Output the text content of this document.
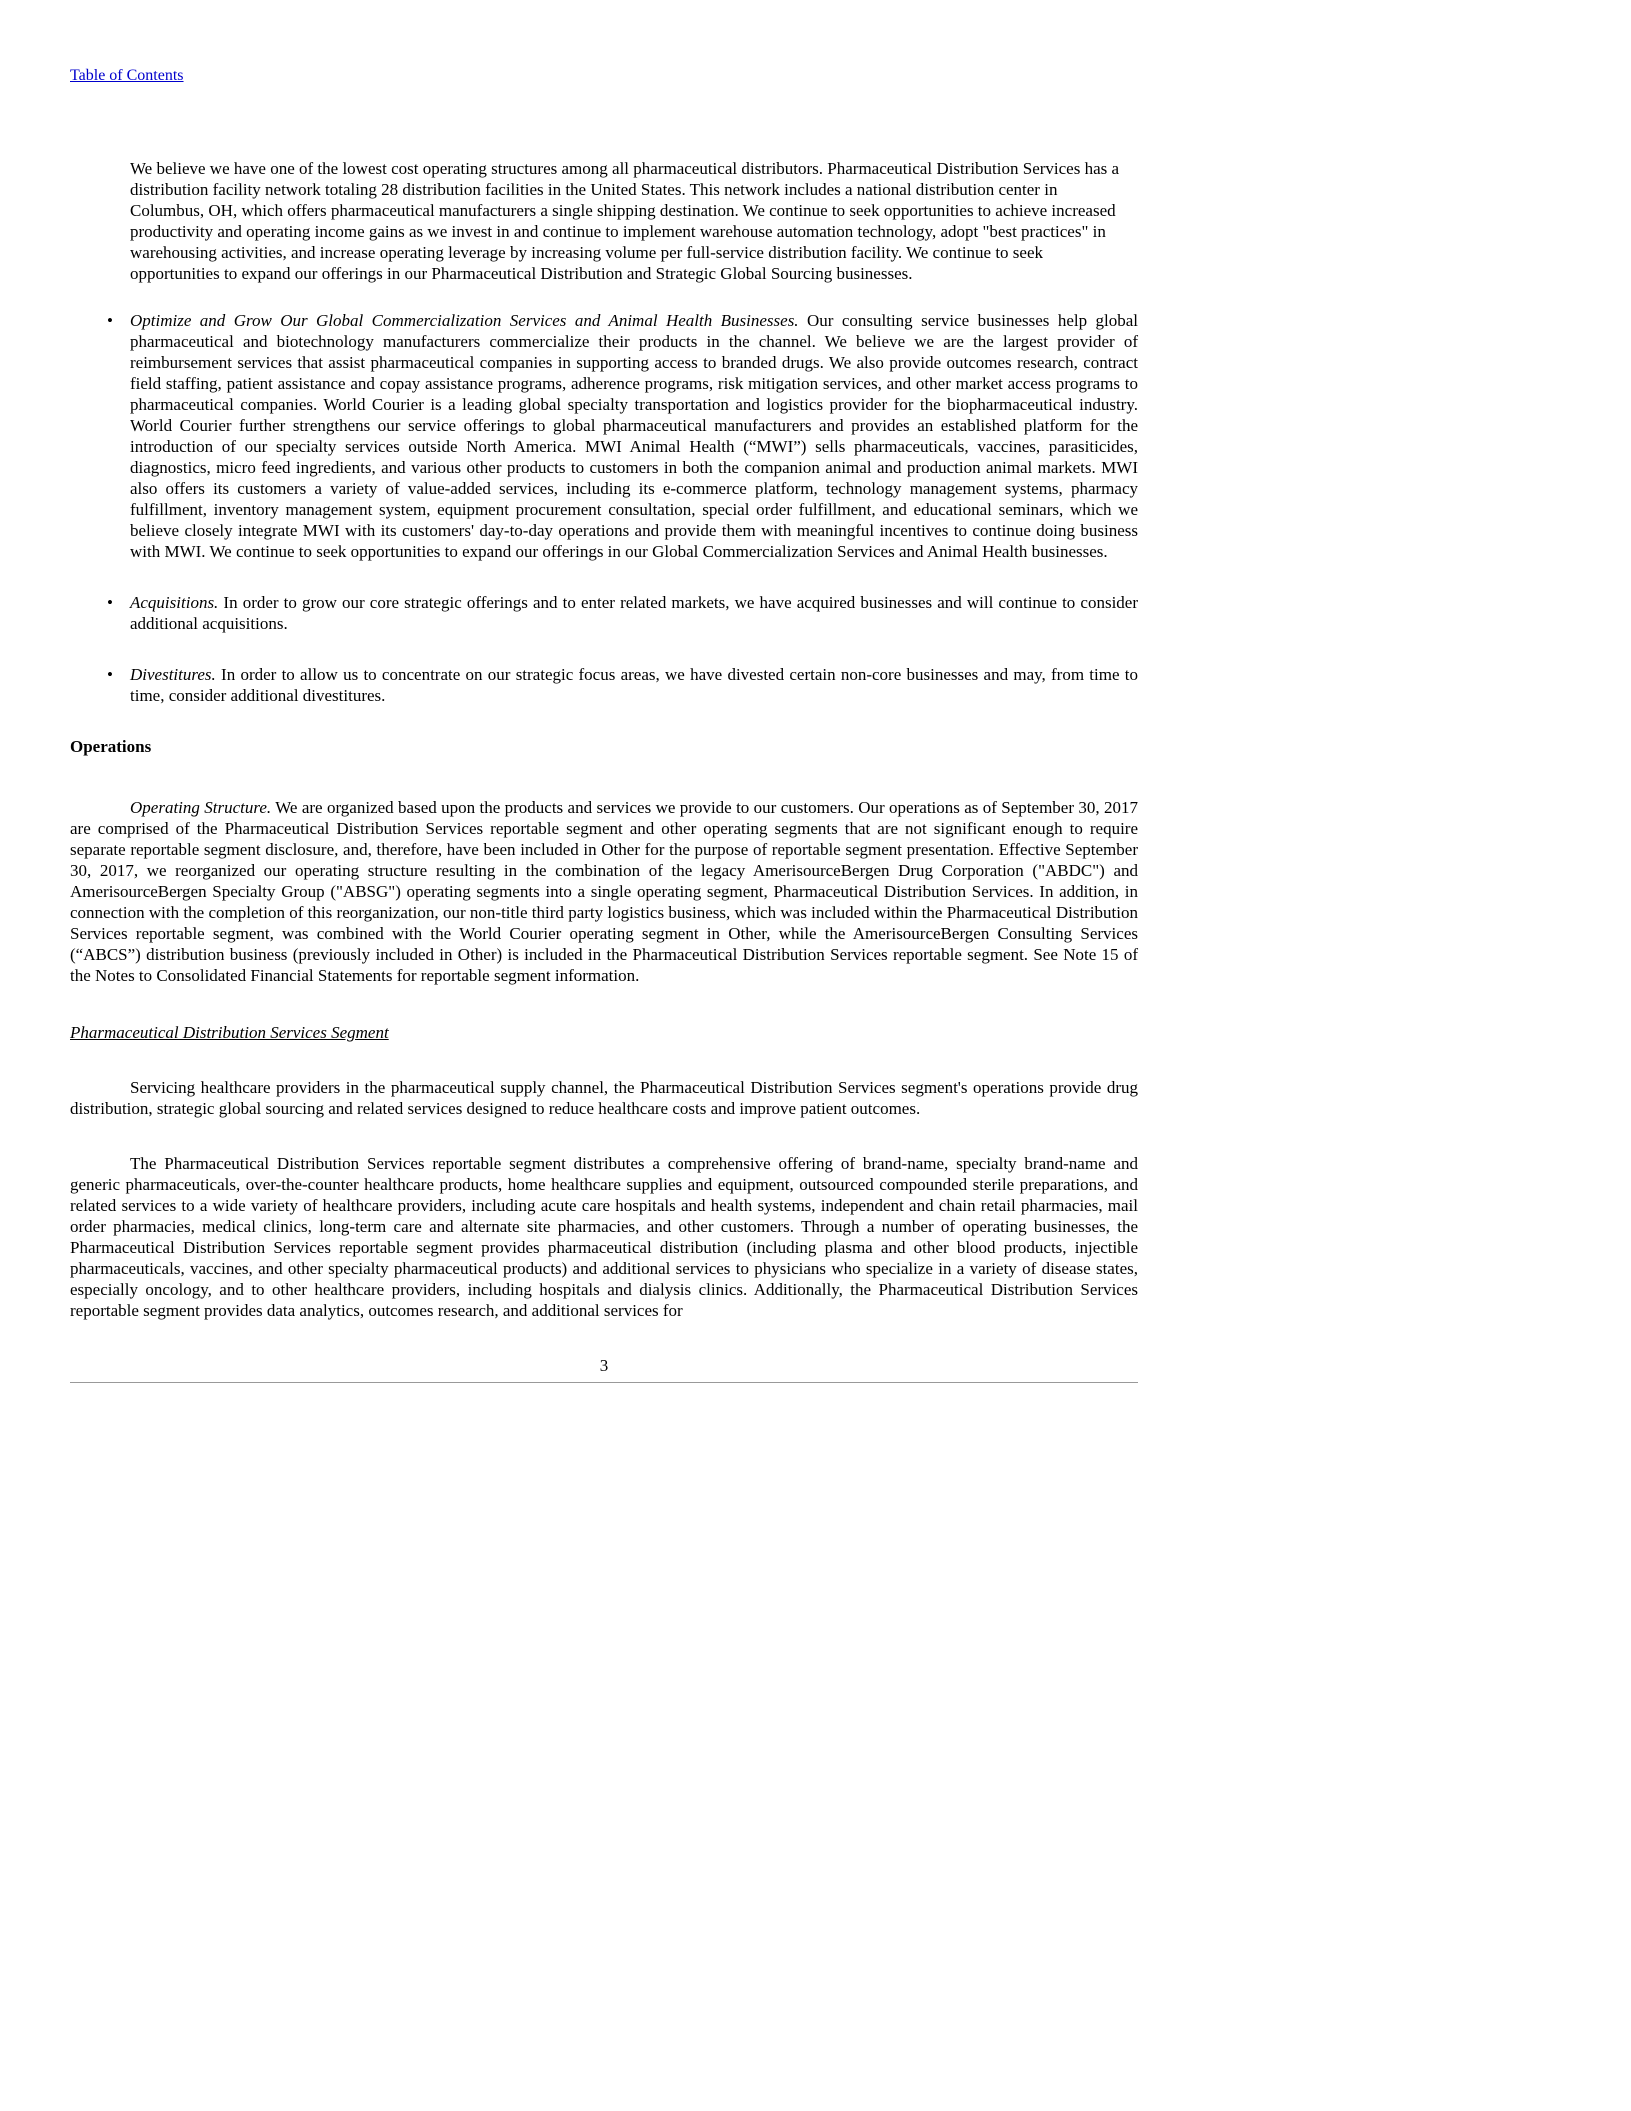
Table of Contents

We believe we have one of the lowest cost operating structures among all pharmaceutical distributors. Pharmaceutical Distribution Services has a distribution facility network totaling 28 distribution facilities in the United States. This network includes a national distribution center in Columbus, OH, which offers pharmaceutical manufacturers a single shipping destination. We continue to seek opportunities to achieve increased productivity and operating income gains as we invest in and continue to implement warehouse automation technology, adopt "best practices" in warehousing activities, and increase operating leverage by increasing volume per full-service distribution facility. We continue to seek opportunities to expand our offerings in our Pharmaceutical Distribution and Strategic Global Sourcing businesses.

• Optimize and Grow Our Global Commercialization Services and Animal Health Businesses. Our consulting service businesses help global pharmaceutical and biotechnology manufacturers commercialize their products in the channel. We believe we are the largest provider of reimbursement services that assist pharmaceutical companies in supporting access to branded drugs. We also provide outcomes research, contract field staffing, patient assistance and copay assistance programs, adherence programs, risk mitigation services, and other market access programs to pharmaceutical companies. World Courier is a leading global specialty transportation and logistics provider for the biopharmaceutical industry. World Courier further strengthens our service offerings to global pharmaceutical manufacturers and provides an established platform for the introduction of our specialty services outside North America. MWI Animal Health (“MWI”) sells pharmaceuticals, vaccines, parasiticides, diagnostics, micro feed ingredients, and various other products to customers in both the companion animal and production animal markets. MWI also offers its customers a variety of value-added services, including its e-commerce platform, technology management systems, pharmacy fulfillment, inventory management system, equipment procurement consultation, special order fulfillment, and educational seminars, which we believe closely integrate MWI with its customers' day-to-day operations and provide them with meaningful incentives to continue doing business with MWI. We continue to seek opportunities to expand our offerings in our Global Commercialization Services and Animal Health businesses.
• Acquisitions. In order to grow our core strategic offerings and to enter related markets, we have acquired businesses and will continue to consider additional acquisitions.
• Divestitures. In order to allow us to concentrate on our strategic focus areas, we have divested certain non-core businesses and may, from time to time, consider additional divestitures.
Operations

Operating Structure. We are organized based upon the products and services we provide to our customers. Our operations as of September 30, 2017 are comprised of the Pharmaceutical Distribution Services reportable segment and other operating segments that are not significant enough to require separate reportable segment disclosure, and, therefore, have been included in Other for the purpose of reportable segment presentation. Effective September 30, 2017, we reorganized our operating structure resulting in the combination of the legacy AmerisourceBergen Drug Corporation ("ABDC") and AmerisourceBergen Specialty Group ("ABSG") operating segments into a single operating segment, Pharmaceutical Distribution Services. In addition, in connection with the completion of this reorganization, our non-title third party logistics business, which was included within the Pharmaceutical Distribution Services reportable segment, was combined with the World Courier operating segment in Other, while the AmerisourceBergen Consulting Services (“ABCS”) distribution business (previously included in Other) is included in the Pharmaceutical Distribution Services reportable segment. See Note 15 of the Notes to Consolidated Financial Statements for reportable segment information.

Pharmaceutical Distribution Services Segment

Servicing healthcare providers in the pharmaceutical supply channel, the Pharmaceutical Distribution Services segment's operations provide drug distribution, strategic global sourcing and related services designed to reduce healthcare costs and improve patient outcomes.

The Pharmaceutical Distribution Services reportable segment distributes a comprehensive offering of brand-name, specialty brand-name and generic pharmaceuticals, over-the-counter healthcare products, home healthcare supplies and equipment, outsourced compounded sterile preparations, and related services to a wide variety of healthcare providers, including acute care hospitals and health systems, independent and chain retail pharmacies, mail order pharmacies, medical clinics, long-term care and alternate site pharmacies, and other customers. Through a number of operating businesses, the Pharmaceutical Distribution Services reportable segment provides pharmaceutical distribution (including plasma and other blood products, injectible pharmaceuticals, vaccines, and other specialty pharmaceutical products) and additional services to physicians who specialize in a variety of disease states, especially oncology, and to other healthcare providers, including hospitals and dialysis clinics. Additionally, the Pharmaceutical Distribution Services reportable segment provides data analytics, outcomes research, and additional services for

3
